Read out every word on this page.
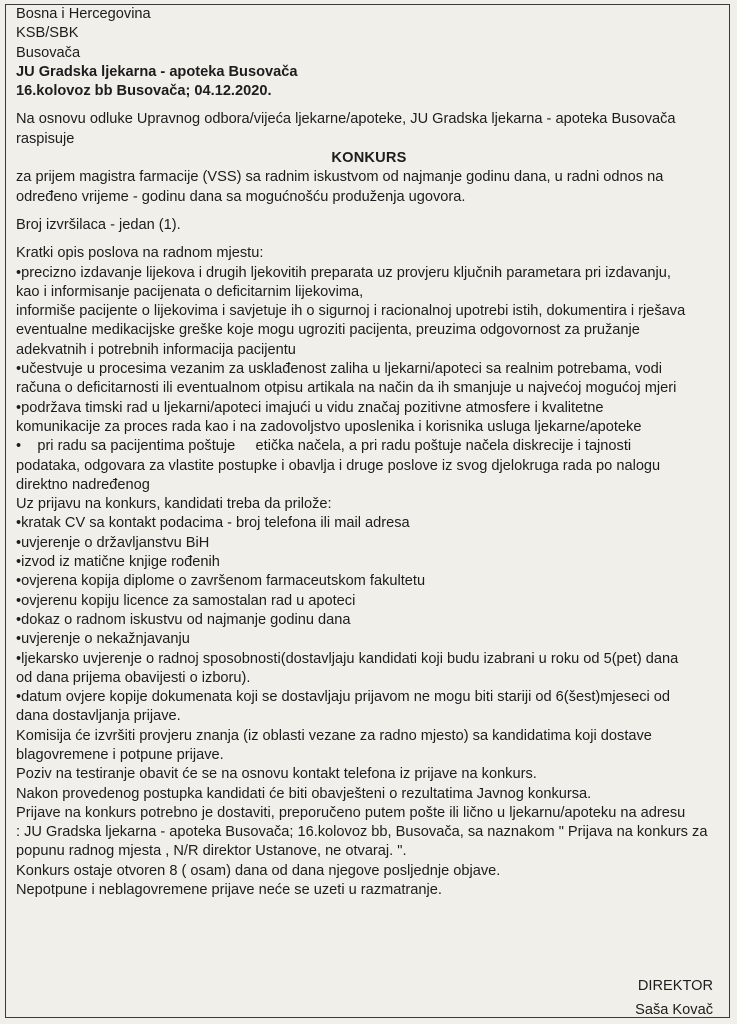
Bosna i Hercegovina
KSB/SBK
Busovača
JU Gradska ljekarna - apoteka Busovača
16.kolovoz bb Busovača; 04.12.2020.
Na osnovu odluke Upravnog odbora/vijeća ljekarne/apoteke, JU Gradska ljekarna - apoteka Busovača
raspisuje
KONKURS
za prijem magistra farmacije (VSS) sa radnim iskustvom od najmanje godinu dana, u radni odnos na
određeno vrijeme - godinu dana sa mogućnošću produženja ugovora.
Broj izvršilaca - jedan (1).
Kratki opis poslova na radnom mjestu:
•precizno izdavanje lijekova i drugih ljekovitih preparata uz provjeru ključnih parametara pri izdavanju,
kao i informisanje pacijenata o deficitarnim lijekovima,
informiše pacijente o lijekovima i savjetuje ih o sigurnoj i racionalnoj upotrebi istih, dokumentira i rješava
eventualne medikacijske greške koje mogu ugroziti pacijenta, preuzima odgovornost za pružanje
adekvatnih i potrebnih informacija pacijentu
•učestvuje u procesima vezanim za usklađenost zaliha u ljekarni/apoteci sa realnim potrebama, vodi
računa o deficitarnosti ili eventualnom otpisu artikala na način da ih smanjuje u najvećoj mogućoj mjeri
•podržava timski rad u ljekarni/apoteci imajući u vidu značaj pozitivne atmosfere i kvalitetne
komunikacije za proces rada kao i na zadovoljstvo uposlenika i korisnika usluga ljekarne/apoteke
•    pri radu sa pacijentima poštuje     etička načela, a pri radu poštuje načela diskrecije i tajnosti
podataka, odgovara za vlastite postupke i obavlja i druge poslove iz svog djelokruga rada po nalogu
direktno nadređenog
Uz prijavu na konkurs, kandidati treba da prilože:
•kratak CV sa kontakt podacima - broj telefona ili mail adresa
•uvjerenje o državljanstvu BiH
•izvod iz matične knjige rođenih
•ovjerena kopija diplome o završenom farmaceutskom fakultetu
•ovjerenu kopiju licence za samostalan rad u apoteci
•dokaz o radnom iskustvu od najmanje godinu dana
•uvjerenje o nekažnjavanju
•ljekarsko uvjerenje o radnoj sposobnosti(dostavljaju kandidati koji budu izabrani u roku od 5(pet) dana
od dana prijema obavijesti o izboru).
•datum ovjere kopije dokumenata koji se dostavljaju prijavom ne mogu biti stariji od 6(šest)mjeseci od
dana dostavljanja prijave.
Komisija će izvršiti provjeru znanja (iz oblasti vezane za radno mjesto) sa kandidatima koji dostave
blagovremene i potpune prijave.
Poziv na testiranje obavit će se na osnovu kontakt telefona iz prijave na konkurs.
Nakon provedenog postupka kandidati će biti obavješteni o rezultatima Javnog konkursa.
Prijave na konkurs potrebno je dostaviti, preporučeno putem pošte ili lično u ljekarnu/apoteku na adresu
: JU Gradska ljekarna - apoteka Busovača; 16.kolovoz bb, Busovača, sa naznakom " Prijava na konkurs za
popunu radnog mjesta , N/R direktor Ustanove, ne otvaraj. ".
Konkurs ostaje otvoren 8 ( osam) dana od dana njegove posljednje objave.
Nepotpune i neblagovremene prijave neće se uzeti u razmatranje.
DIREKTOR
Saša Kovač
